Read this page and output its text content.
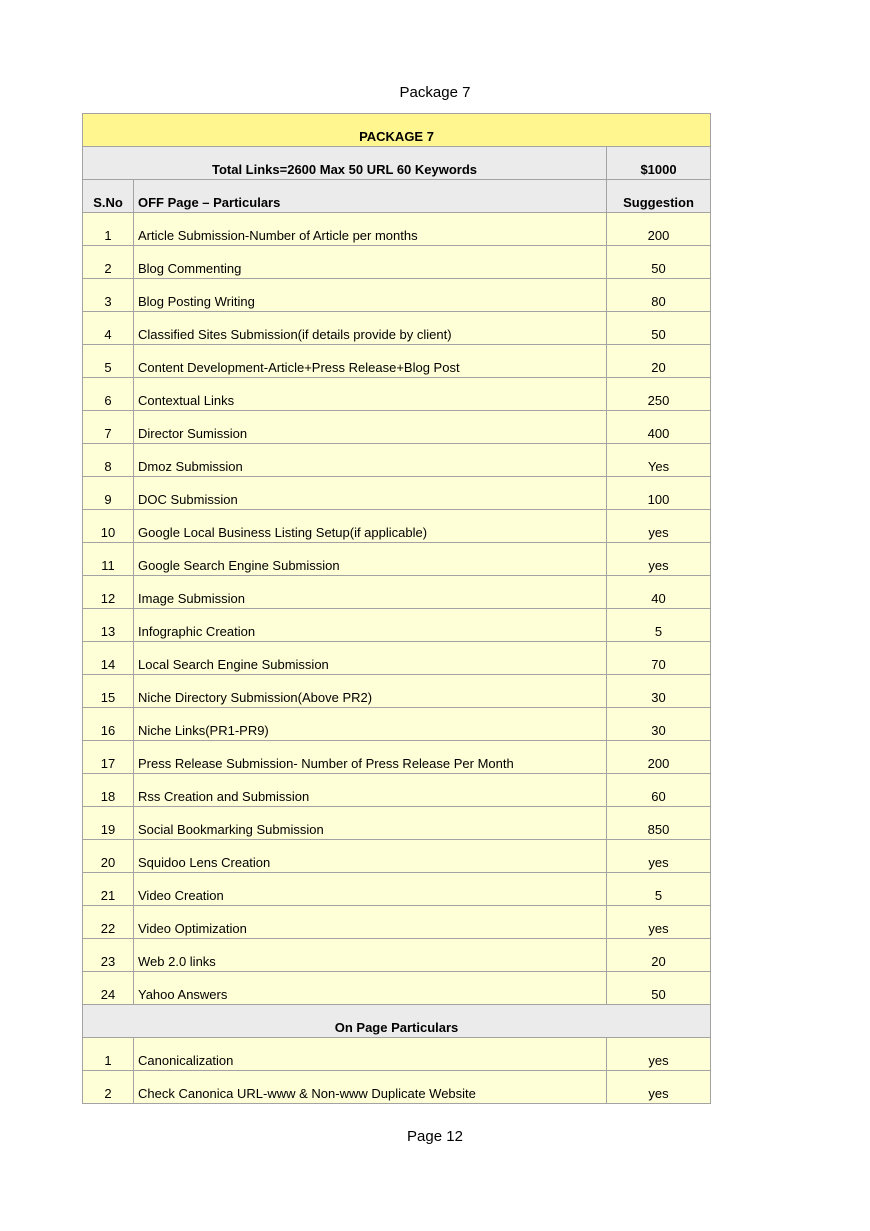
Package 7
PACKAGE 7		
Total Links=2600 Max 50 URL 60 Keywords		$1000
S.No	OFF Page – Particulars	Suggestion
1	Article Submission-Number of Article per months	200
2	Blog Commenting	50
3	Blog Posting Writing	80
4	Classified Sites Submission(if details provide by client)	50
5	Content Development-Article+Press Release+Blog Post	20
6	Contextual Links	250
7	Director Sumission	400
8	Dmoz Submission	Yes
9	DOC Submission	100
10	Google Local Business Listing Setup(if applicable)	yes
11	Google Search Engine Submission	yes
12	Image Submission	40
13	Infographic Creation	5
14	Local Search Engine Submission	70
15	Niche Directory Submission(Above PR2)	30
16	Niche Links(PR1-PR9)	30
17	Press Release Submission- Number of Press Release Per Month	200
18	Rss Creation and Submission	60
19	Social Bookmarking Submission	850
20	Squidoo Lens Creation	yes
21	Video Creation	5
22	Video Optimization	yes
23	Web 2.0 links	20
24	Yahoo Answers	50
On Page Particulars		
1	Canonicalization	yes
2	Check Canonica URL-www & Non-www Duplicate Website	yes
Page 12
